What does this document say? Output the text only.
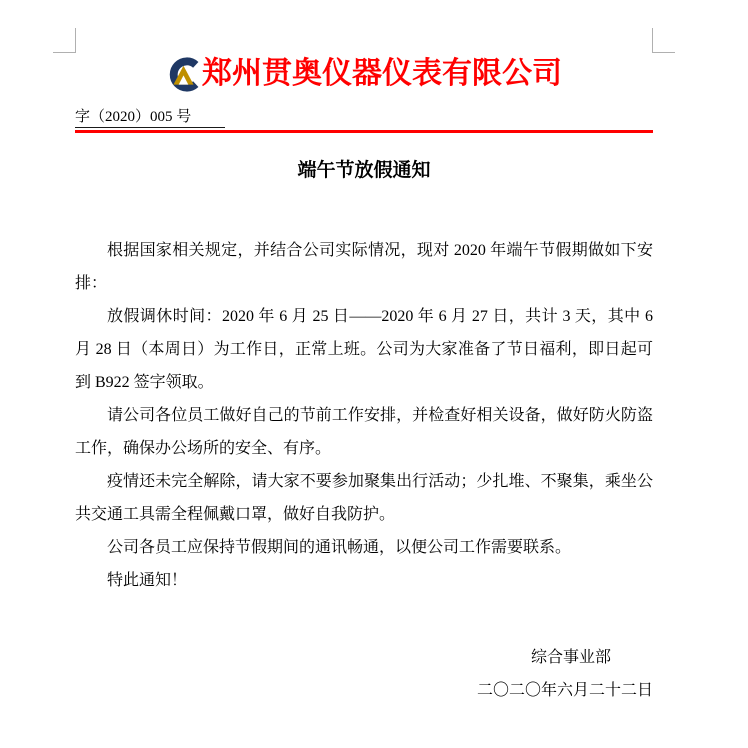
郑州贯奥仪器仪表有限公司
字（2020）005 号
端午节放假通知

根据国家相关规定，并结合公司实际情况，现对 2020 年端午节假期做如下安排：

放假调休时间：2020 年 6 月 25 日——2020 年 6 月 27 日，共计 3 天，其中 6 月 28 日（本周日）为工作日，正常上班。公司为大家准备了节日福利，即日起可到 B922 签字领取。

请公司各位员工做好自己的节前工作安排，并检查好相关设备，做好防火防盗工作，确保办公场所的安全、有序。

疫情还未完全解除，请大家不要参加聚集出行活动；少扎堆、不聚集，乘坐公共交通工具需全程佩戴口罩，做好自我防护。

公司各员工应保持节假期间的通讯畅通，以便公司工作需要联系。

特此通知！

综合事业部
二〇二〇年六月二十二日
